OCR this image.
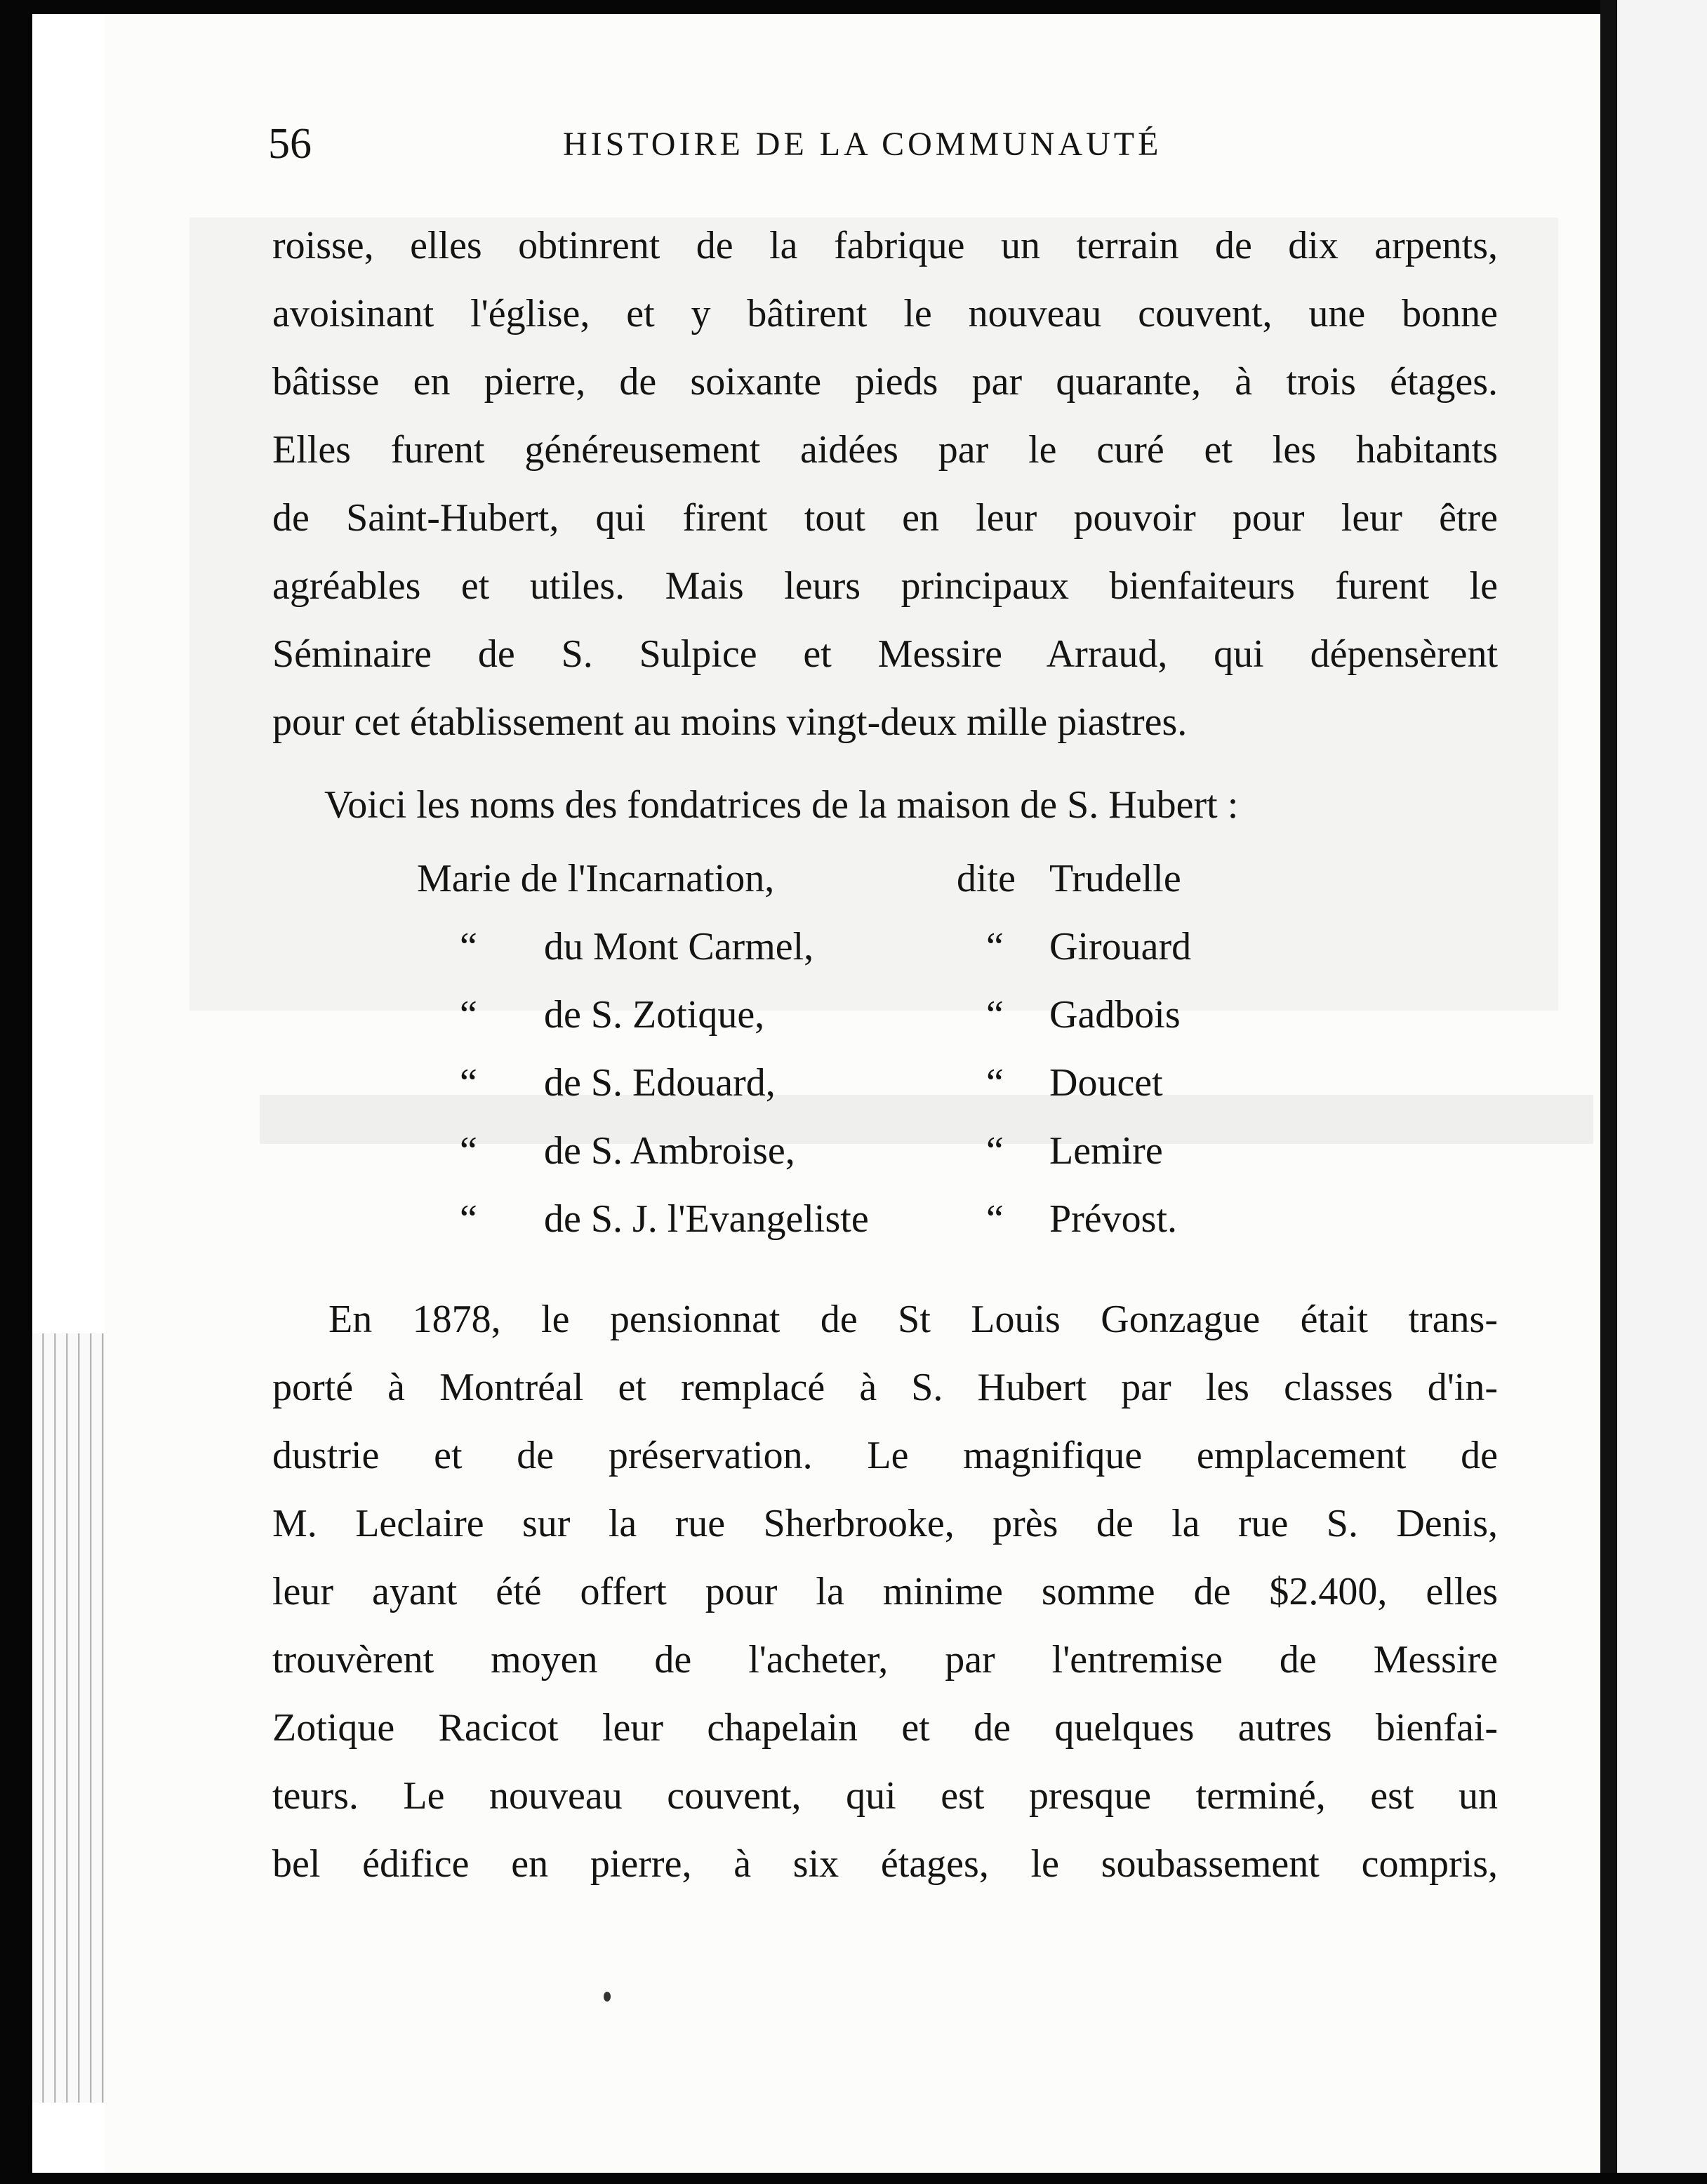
56	HISTOIRE DE LA COMMUNAUTÉ
roisse, elles obtinrent de la fabrique un terrain de dix arpents,
avoisinant l'église, et y bâtirent le nouveau couvent, une bonne
bâtisse en pierre, de soixante pieds par quarante, à trois étages.
Elles furent généreusement aidées par le curé et les habitants
de Saint-Hubert, qui firent tout en leur pouvoir pour leur être
agréables et utiles. Mais leurs principaux bienfaiteurs furent le
Séminaire de S. Sulpice et Messire Arraud, qui dépensèrent
pour cet établissement au moins vingt-deux mille piastres.

Voici les noms des fondatrices de la maison de S. Hubert :

Marie de l'Incarnation,	dite Trudelle
“ du Mont Carmel,	“ Girouard
“ de S. Zotique,	“ Gadbois
“ de S. Edouard,	“ Doucet
“ de S. Ambroise,	“ Lemire
“ de S. J. l'Evangeliste	“ Prévost.
En 1878, le pensionnat de St Louis Gonzague était trans-
porté à Montréal et remplacé à S. Hubert par les classes d'in-
dustrie et de préservation. Le magnifique emplacement de
M. Leclaire sur la rue Sherbrooke, près de la rue S. Denis,
leur ayant été offert pour la minime somme de $2.400, elles
trouvèrent moyen de l'acheter, par l'entremise de Messire
Zotique Racicot leur chapelain et de quelques autres bienfai-
teurs. Le nouveau couvent, qui est presque terminé, est un
bel édifice en pierre, à six étages, le soubassement compris,
